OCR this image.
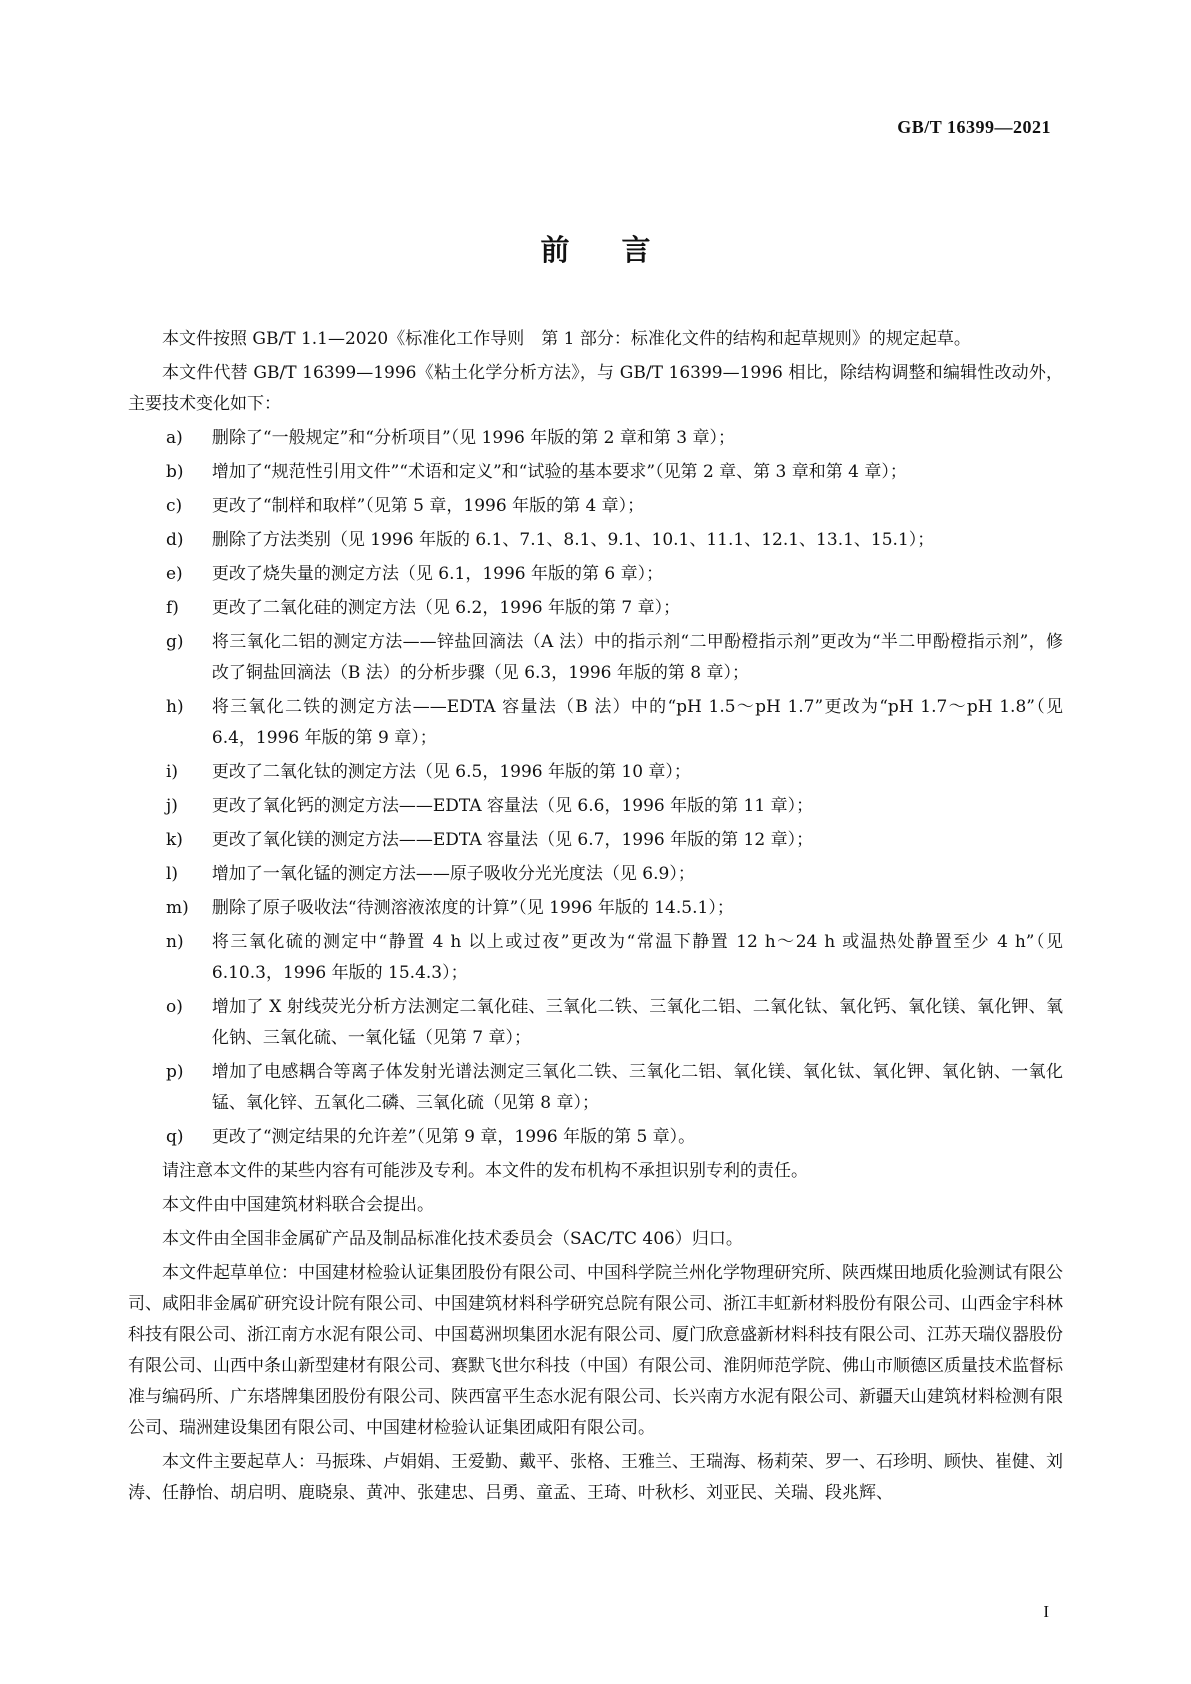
GB/T 16399—2021
前言

本文件按照 GB/T 1.1—2020《标准化工作导则　第 1 部分：标准化文件的结构和起草规则》的规定起草。

本文件代替 GB/T 16399—1996《粘土化学分析方法》，与 GB/T 16399—1996 相比，除结构调整和编辑性改动外，主要技术变化如下：

a)	删除了“一般规定”和“分析项目”（见 1996 年版的第 2 章和第 3 章）；
b)	增加了“规范性引用文件”“术语和定义”和“试验的基本要求”（见第 2 章、第 3 章和第 4 章）；
c)	更改了“制样和取样”（见第 5 章，1996 年版的第 4 章）；
d)	删除了方法类别（见 1996 年版的 6.1、7.1、8.1、9.1、10.1、11.1、12.1、13.1、15.1）；
e)	更改了烧失量的测定方法（见 6.1，1996 年版的第 6 章）；
f)	更改了二氧化硅的测定方法（见 6.2，1996 年版的第 7 章）；
g)	将三氧化二铝的测定方法——锌盐回滴法（A 法）中的指示剂“二甲酚橙指示剂”更改为“半二甲酚橙指示剂”，修改了铜盐回滴法（B 法）的分析步骤（见 6.3，1996 年版的第 8 章）；
h)	将三氧化二铁的测定方法——EDTA 容量法（B 法）中的“pH 1.5～pH 1.7”更改为“pH 1.7～pH 1.8”（见 6.4，1996 年版的第 9 章）；
i)	更改了二氧化钛的测定方法（见 6.5，1996 年版的第 10 章）；
j)	更改了氧化钙的测定方法——EDTA 容量法（见 6.6，1996 年版的第 11 章）；
k)	更改了氧化镁的测定方法——EDTA 容量法（见 6.7，1996 年版的第 12 章）；
l)	增加了一氧化锰的测定方法——原子吸收分光光度法（见 6.9）；
m)	删除了原子吸收法“待测溶液浓度的计算”（见 1996 年版的 14.5.1）；
n)	将三氧化硫的测定中“静置 4 h 以上或过夜”更改为“常温下静置 12 h～24 h 或温热处静置至少 4 h”（见 6.10.3，1996 年版的 15.4.3）；
o)	增加了 X 射线荧光分析方法测定二氧化硅、三氧化二铁、三氧化二铝、二氧化钛、氧化钙、氧化镁、氧化钾、氧化钠、三氧化硫、一氧化锰（见第 7 章）；
p)	增加了电感耦合等离子体发射光谱法测定三氧化二铁、三氧化二铝、氧化镁、氧化钛、氧化钾、氧化钠、一氧化锰、氧化锌、五氧化二磷、三氧化硫（见第 8 章）；
q)	更改了“测定结果的允许差”（见第 9 章，1996 年版的第 5 章）。

请注意本文件的某些内容有可能涉及专利。本文件的发布机构不承担识别专利的责任。

本文件由中国建筑材料联合会提出。

本文件由全国非金属矿产品及制品标准化技术委员会（SAC/TC 406）归口。

本文件起草单位：中国建材检验认证集团股份有限公司、中国科学院兰州化学物理研究所、陕西煤田地质化验测试有限公司、咸阳非金属矿研究设计院有限公司、中国建筑材料科学研究总院有限公司、浙江丰虹新材料股份有限公司、山西金宇科林科技有限公司、浙江南方水泥有限公司、中国葛洲坝集团水泥有限公司、厦门欣意盛新材料科技有限公司、江苏天瑞仪器股份有限公司、山西中条山新型建材有限公司、赛默飞世尔科技（中国）有限公司、淮阴师范学院、佛山市顺德区质量技术监督标准与编码所、广东塔牌集团股份有限公司、陕西富平生态水泥有限公司、长兴南方水泥有限公司、新疆天山建筑材料检测有限公司、瑞洲建设集团有限公司、中国建材检验认证集团咸阳有限公司。

本文件主要起草人：马振珠、卢娟娟、王爱勤、戴平、张格、王雅兰、王瑞海、杨莉荣、罗一、石珍明、顾快、崔健、刘涛、任静怡、胡启明、鹿晓泉、黄冲、张建忠、吕勇、童孟、王琦、叶秋杉、刘亚民、关瑞、段兆辉、

I
